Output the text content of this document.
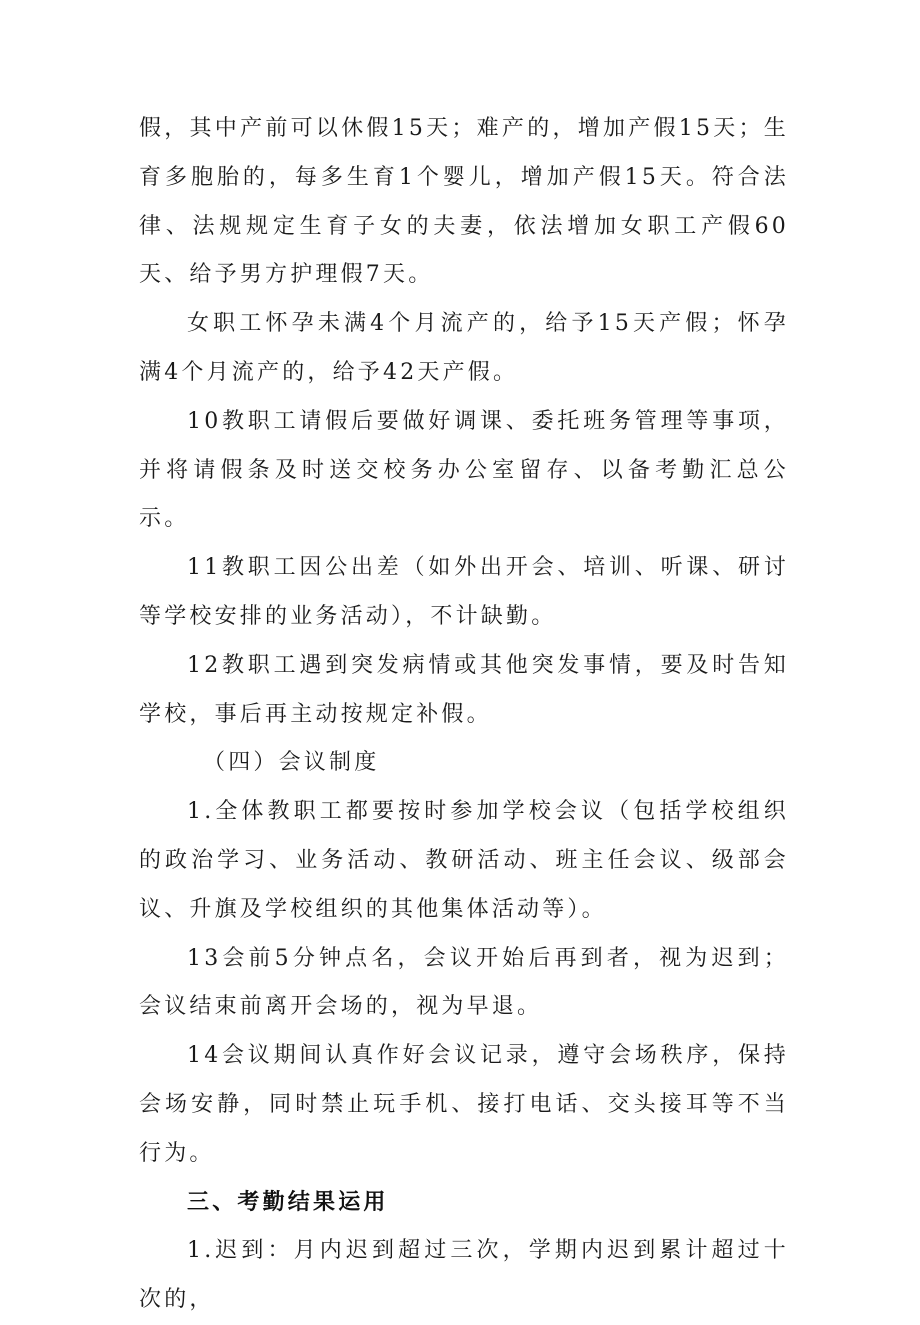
假，其中产前可以休假15天；难产的，增加产假15天；生育多胞胎的，每多生育1个婴儿，增加产假15天。符合法律、法规规定生育子女的夫妻，依法增加女职工产假60天、给予男方护理假7天。

女职工怀孕未满4个月流产的，给予15天产假；怀孕满4个月流产的，给予42天产假。

10教职工请假后要做好调课、委托班务管理等事项，并将请假条及时送交校务办公室留存、以备考勤汇总公示。

11教职工因公出差（如外出开会、培训、听课、研讨等学校安排的业务活动），不计缺勤。

12教职工遇到突发病情或其他突发事情，要及时告知学校，事后再主动按规定补假。

（四）会议制度

1.全体教职工都要按时参加学校会议（包括学校组织的政治学习、业务活动、教研活动、班主任会议、级部会议、升旗及学校组织的其他集体活动等）。

13会前5分钟点名，会议开始后再到者，视为迟到；会议结束前离开会场的，视为早退。

14会议期间认真作好会议记录，遵守会场秩序，保持会场安静，同时禁止玩手机、接打电话、交头接耳等不当行为。

三、考勤结果运用

1.迟到：月内迟到超过三次，学期内迟到累计超过十次的，
